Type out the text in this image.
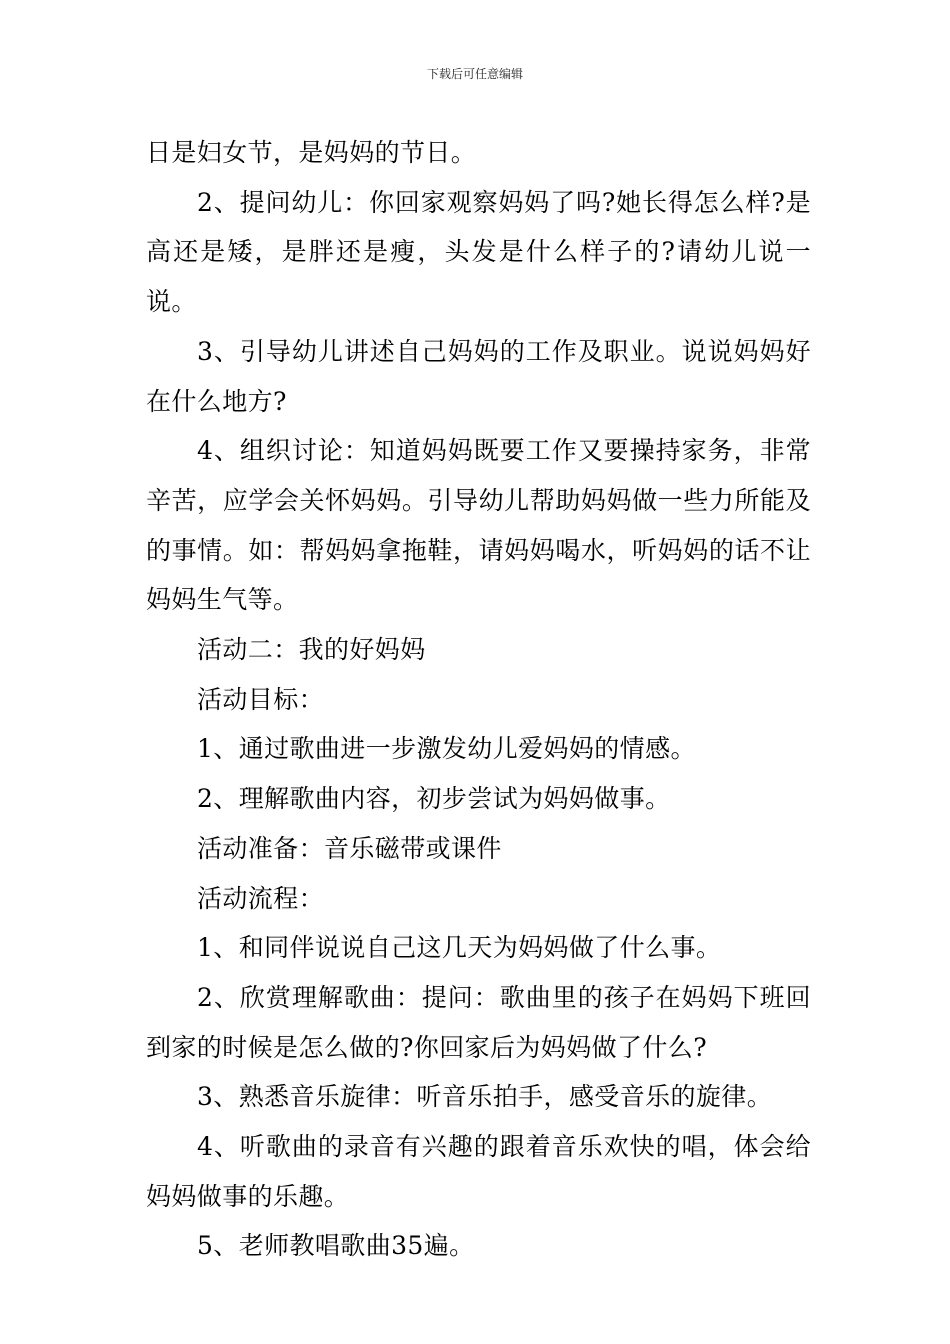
下载后可任意编辑

日是妇女节，是妈妈的节日。

2、提问幼儿：你回家观察妈妈了吗?她长得怎么样?是高还是矮，是胖还是瘦，头发是什么样子的?请幼儿说一说。

3、引导幼儿讲述自己妈妈的工作及职业。说说妈妈好在什么地方?

4、组织讨论：知道妈妈既要工作又要操持家务，非常辛苦，应学会关怀妈妈。引导幼儿帮助妈妈做一些力所能及的事情。如：帮妈妈拿拖鞋，请妈妈喝水，听妈妈的话不让妈妈生气等。

活动二：我的好妈妈

活动目标：

1、通过歌曲进一步激发幼儿爱妈妈的情感。

2、理解歌曲内容，初步尝试为妈妈做事。

活动准备：音乐磁带或课件

活动流程：

1、和同伴说说自己这几天为妈妈做了什么事。

2、欣赏理解歌曲：提问：歌曲里的孩子在妈妈下班回到家的时候是怎么做的?你回家后为妈妈做了什么?

3、熟悉音乐旋律：听音乐拍手，感受音乐的旋律。

4、听歌曲的录音有兴趣的跟着音乐欢快的唱，体会给妈妈做事的乐趣。

5、老师教唱歌曲35遍。
